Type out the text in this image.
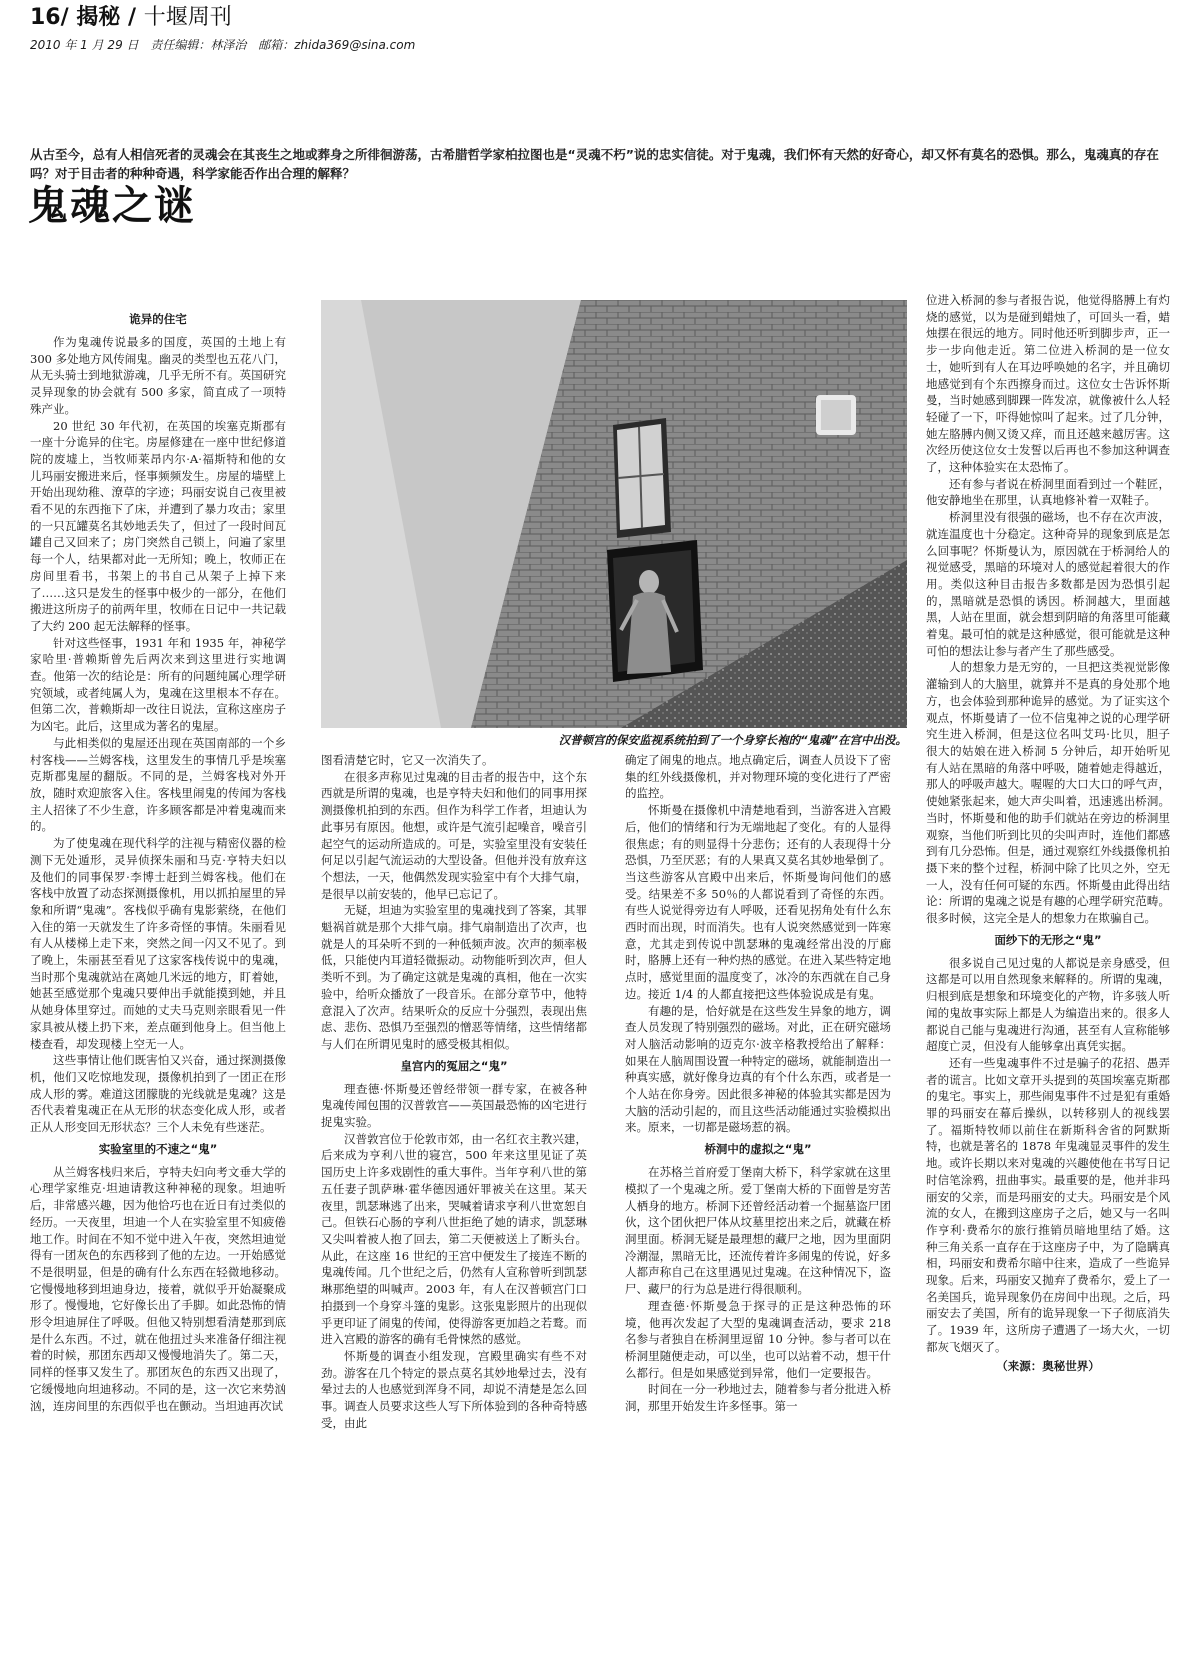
16/ 揭秘 / 十堰周刊
2010 年 1 月 29 日 责任编辑：林泽治 邮箱：zhida369@sina.com

从古至今，总有人相信死者的灵魂会在其丧生之地或葬身之所徘徊游荡，古希腊哲学家柏拉图也是“灵魂不朽”说的忠实信徒。对于鬼魂，我们怀有天然的好奇心，却又怀有莫名的恐惧。那么，鬼魂真的存在吗？对于目击者的种种奇遇，科学家能否作出合理的解释？

鬼魂之谜
汉普顿宫的保安监视系统拍到了一个身穿长袍的“鬼魂”在宫中出没。
诡异的住宅

作为鬼魂传说最多的国度，英国的土地上有 300 多处地方风传闹鬼。幽灵的类型也五花八门，从无头骑士到地狱游魂，几乎无所不有。英国研究灵异现象的协会就有 500 多家，简直成了一项特殊产业。

20 世纪 30 年代初，在英国的埃塞克斯郡有一座十分诡异的住宅。房屋修建在一座中世纪修道院的废墟上，当牧师莱昂内尔·A·福斯特和他的女儿玛丽安搬进来后，怪事频频发生。房屋的墙壁上开始出现幼稚、潦草的字迹；玛丽安说自己夜里被看不见的东西拖下了床，并遭到了暴力攻击；家里的一只瓦罐莫名其妙地丢失了，但过了一段时间瓦罐自己又回来了；房门突然自己锁上，问遍了家里每一个人，结果都对此一无所知；晚上，牧师正在房间里看书，书架上的书自己从架子上掉下来了……这只是发生的怪事中极少的一部分，在他们搬进这所房子的前两年里，牧师在日记中一共记载了大约 200 起无法解释的怪事。

针对这些怪事，1931 年和 1935 年，神秘学家哈里·普赖斯曾先后两次来到这里进行实地调查。他第一次的结论是：所有的问题纯属心理学研究领域，或者纯属人为，鬼魂在这里根本不存在。但第二次，普赖斯却一改往日说法，宣称这座房子为凶宅。此后，这里成为著名的鬼屋。

与此相类似的鬼屋还出现在英国南部的一个乡村客栈——兰姆客栈，这里发生的事情几乎是埃塞克斯郡鬼屋的翻版。不同的是，兰姆客栈对外开放，随时欢迎旅客入住。客栈里闹鬼的传闻为客栈主人招徕了不少生意，许多顾客都是冲着鬼魂而来的。

为了使鬼魂在现代科学的注视与精密仪器的检测下无处遁形，灵异侦探朱丽和马克·亨特夫妇以及他们的同事保罗·李博士赶到兰姆客栈。他们在客栈中放置了动态探测摄像机，用以抓拍屋里的异象和所谓“鬼魂”。客栈似乎确有鬼影萦绕，在他们入住的第一天就发生了许多奇怪的事情。朱丽看见有人从楼梯上走下来，突然之间一闪又不见了。到了晚上，朱丽甚至看见了这家客栈传说中的鬼魂，当时那个鬼魂就站在离她几米远的地方，盯着她，她甚至感觉那个鬼魂只要伸出手就能摸到她，并且从她身体里穿过。而她的丈夫马克则亲眼看见一件家具被从楼上扔下来，差点砸到他身上。但当他上楼查看，却发现楼上空无一人。

这些事情让他们既害怕又兴奋，通过探测摄像机，他们又吃惊地发现，摄像机拍到了一团正在形成人形的雾。难道这团朦胧的光线就是鬼魂？这是否代表着鬼魂正在从无形的状态变化成人形，或者正从人形变回无形状态？三个人未免有些迷茫。

实验室里的不速之“鬼”

从兰姆客栈归来后，亨特夫妇向考文垂大学的心理学家维克·坦迪请教这种神秘的现象。坦迪听后，非常感兴趣，因为他恰巧也在近日有过类似的经历。一天夜里，坦迪一个人在实验室里不知疲倦地工作。时间在不知不觉中进入午夜，突然坦迪觉得有一团灰色的东西移到了他的左边。一开始感觉不是很明显，但是的确有什么东西在轻微地移动。它慢慢地移到坦迪身边，接着，就似乎开始凝聚成形了。慢慢地，它好像长出了手脚。如此恐怖的情形令坦迪屏住了呼吸。但他又特别想看清楚那到底是什么东西。不过，就在他扭过头来准备仔细注视着的时候，那团东西却又慢慢地消失了。第二天，同样的怪事又发生了。那团灰色的东西又出现了，它缓慢地向坦迪移动。不同的是，这一次它来势汹汹，连房间里的东西似乎也在颤动。当坦迪再次试

图看清楚它时，它又一次消失了。

在很多声称见过鬼魂的目击者的报告中，这个东西就是所谓的鬼魂，也是亨特夫妇和他们的同事用探测摄像机拍到的东西。但作为科学工作者，坦迪认为此事另有原因。他想，或许是气流引起噪音，噪音引起空气的运动所造成的。可是，实验室里没有安装任何足以引起气流运动的大型设备。但他并没有放弃这个想法，一天，他偶然发现实验室中有个大排气扇，是很早以前安装的，他早已忘记了。

无疑，坦迪为实验室里的鬼魂找到了答案，其罪魁祸首就是那个大排气扇。排气扇制造出了次声，也就是人的耳朵听不到的一种低频声波。次声的频率极低，只能使内耳道轻微振动。动物能听到次声，但人类听不到。为了确定这就是鬼魂的真相，他在一次实验中，给听众播放了一段音乐。在部分章节中，他特意混入了次声。结果听众的反应十分强烈，表现出焦虑、悲伤、恐惧乃至强烈的憎恶等情绪，这些情绪都与人们在所谓见鬼时的感受极其相似。

皇宫内的冤屈之“鬼”

理查德·怀斯曼还曾经带领一群专家，在被各种鬼魂传闻包围的汉普敦宫——英国最恐怖的凶宅进行捉鬼实验。

汉普敦宫位于伦敦市郊，由一名红衣主教兴建，后来成为亨利八世的寝宫，500 年来这里见证了英国历史上许多戏剧性的重大事件。当年亨利八世的第五任妻子凯萨琳·霍华德因通奸罪被关在这里。某天夜里，凯瑟琳逃了出来，哭喊着请求亨利八世宽恕自己。但铁石心肠的亨利八世拒绝了她的请求，凯瑟琳又尖叫着被人抱了回去，第二天便被送上了断头台。从此，在这座 16 世纪的王宫中便发生了接连不断的鬼魂传闻。几个世纪之后，仍然有人宣称曾听到凯瑟琳那绝望的叫喊声。2003 年，有人在汉普顿宫门口拍摄到一个身穿斗篷的鬼影。这张鬼影照片的出现似乎更印证了闹鬼的传闻，使得游客更加趋之若鹜。而进入宫殿的游客的确有毛骨悚然的感觉。

怀斯曼的调查小组发现，宫殿里确实有些不对劲。游客在几个特定的景点莫名其妙地晕过去，没有晕过去的人也感觉到浑身不同，却说不清楚是怎么回事。调查人员要求这些人写下所体验到的各种奇特感受，由此

确定了闹鬼的地点。地点确定后，调查人员设下了密集的红外线摄像机，并对物理环境的变化进行了严密的监控。

怀斯曼在摄像机中清楚地看到，当游客进入宫殿后，他们的情绪和行为无端地起了变化。有的人显得很焦虑；有的则显得十分悲伤；还有的人表现得十分恐惧，乃至厌恶；有的人果真又莫名其妙地晕倒了。当这些游客从宫殿中出来后，怀斯曼询问他们的感受。结果差不多 50％的人都说看到了奇怪的东西。有些人说觉得旁边有人呼吸，还看见拐角处有什么东西时而出现，时而消失。也有人说突然感觉到一阵寒意，尤其走到传说中凯瑟琳的鬼魂经常出没的厅廊时，胳膊上还有一种灼热的感觉。在进入某些特定地点时，感觉里面的温度变了，冰冷的东西就在自己身边。接近 1/4 的人都直接把这些体验说成是有鬼。

有趣的是，恰好就是在这些发生异象的地方，调查人员发现了特别强烈的磁场。对此，正在研究磁场对人脑活动影响的迈克尔·波辛格教授给出了解释：如果在人脑周围设置一种特定的磁场，就能制造出一种真实感，就好像身边真的有个什么东西，或者是一个人站在你身旁。因此很多神秘的体验其实都是因为大脑的活动引起的，而且这些活动能通过实验模拟出来。原来，一切都是磁场惹的祸。

桥洞中的虚拟之“鬼”

在苏格兰首府爱丁堡南大桥下，科学家就在这里模拟了一个鬼魂之所。爱丁堡南大桥的下面曾是穷苦人栖身的地方。桥洞下还曾经活动着一个掘墓盗尸团伙，这个团伙把尸体从坟墓里挖出来之后，就藏在桥洞里面。桥洞无疑是最理想的藏尸之地，因为里面阴冷潮湿，黑暗无比，还流传着许多闹鬼的传说，好多人都声称自己在这里遇见过鬼魂。在这种情况下，盗尸、藏尸的行为总是进行得很顺利。

理查德·怀斯曼急于探寻的正是这种恐怖的环境，他再次发起了大型的鬼魂调查活动，要求 218 名参与者独自在桥洞里逗留 10 分钟。参与者可以在桥洞里随便走动，可以坐，也可以站着不动，想干什么都行。但是如果感觉到异常，他们一定要报告。

时间在一分一秒地过去，随着参与者分批进入桥洞，那里开始发生许多怪事。第一

位进入桥洞的参与者报告说，他觉得胳膊上有灼烧的感觉，以为是碰到蜡烛了，可回头一看，蜡烛摆在很远的地方。同时他还听到脚步声，正一步一步向他走近。第二位进入桥洞的是一位女士，她听到有人在耳边呼唤她的名字，并且确切地感觉到有个东西擦身而过。这位女士告诉怀斯曼，当时她感到脚踝一阵发凉，就像被什么人轻轻碰了一下，吓得她惊叫了起来。过了几分钟，她左胳膊内侧又烫又痒，而且还越来越厉害。这次经历使这位女士发誓以后再也不参加这种调查了，这种体验实在太恐怖了。

还有参与者说在桥洞里面看到过一个鞋匠，他安静地坐在那里，认真地修补着一双鞋子。

桥洞里没有很强的磁场，也不存在次声波，就连温度也十分稳定。这种奇异的现象到底是怎么回事呢？怀斯曼认为，原因就在于桥洞给人的视觉感受，黑暗的环境对人的感觉起着很大的作用。类似这种目击报告多数都是因为恐惧引起的，黑暗就是恐惧的诱因。桥洞越大，里面越黑，人站在里面，就会想到阴暗的角落里可能藏着鬼。最可怕的就是这种感觉，很可能就是这种可怕的想法让参与者产生了那些感受。

人的想象力是无穷的，一旦把这类视觉影像灌输到人的大脑里，就算并不是真的身处那个地方，也会体验到那种诡异的感觉。为了证实这个观点，怀斯曼请了一位不信鬼神之说的心理学研究生进入桥洞，但是这位名叫艾玛·比贝，胆子很大的姑娘在进入桥洞 5 分钟后，却开始听见有人站在黑暗的角落中呼吸，随着她走得越近，那人的呼吸声越大。喔喔的大口大口的呼气声，使她紧张起来，她大声尖叫着，迅速逃出桥洞。当时，怀斯曼和他的助手们就站在旁边的桥洞里观察，当他们听到比贝的尖叫声时，连他们都感到有几分恐怖。但是，通过观察红外线摄像机拍摄下来的整个过程，桥洞中除了比贝之外，空无一人，没有任何可疑的东西。怀斯曼由此得出结论：所谓的鬼魂之说是有趣的心理学研究范畴。很多时候，这完全是人的想象力在欺骗自己。

面纱下的无形之“鬼”

很多说自己见过鬼的人都说是亲身感受，但这都是可以用自然现象来解释的。所谓的鬼魂，归根到底是想象和环境变化的产物，许多骇人听闻的鬼故事实际上都是人为编造出来的。很多人都说自己能与鬼魂进行沟通，甚至有人宣称能够超度亡灵，但没有人能够拿出真凭实据。

还有一些鬼魂事件不过是骗子的花招、愚弄者的谎言。比如文章开头提到的英国埃塞克斯郡的鬼宅。事实上，那些闹鬼事件不过是犯有重婚罪的玛丽安在幕后操纵，以转移别人的视线罢了。福斯特牧师以前住在新斯科舍省的阿默斯特，也就是著名的 1878 年鬼魂显灵事件的发生地。或许长期以来对鬼魂的兴趣使他在书写日记时信笔涂鸦，扭曲事实。最重要的是，他并非玛丽安的父亲，而是玛丽安的丈夫。玛丽安是个风流的女人，在搬到这座房子之后，她又与一名叫作亨利·费希尔的旅行推销员暗地里结了婚。这种三角关系一直存在于这座房子中，为了隐瞒真相，玛丽安和费希尔暗中往来，造成了一些诡异现象。后来，玛丽安又抛弃了费希尔，爱上了一名美国兵，诡异现象仍在房间中出现。之后，玛丽安去了美国，所有的诡异现象一下子彻底消失了。1939 年，这所房子遭遇了一场大火，一切都灰飞烟灭了。

（来源：奥秘世界）
